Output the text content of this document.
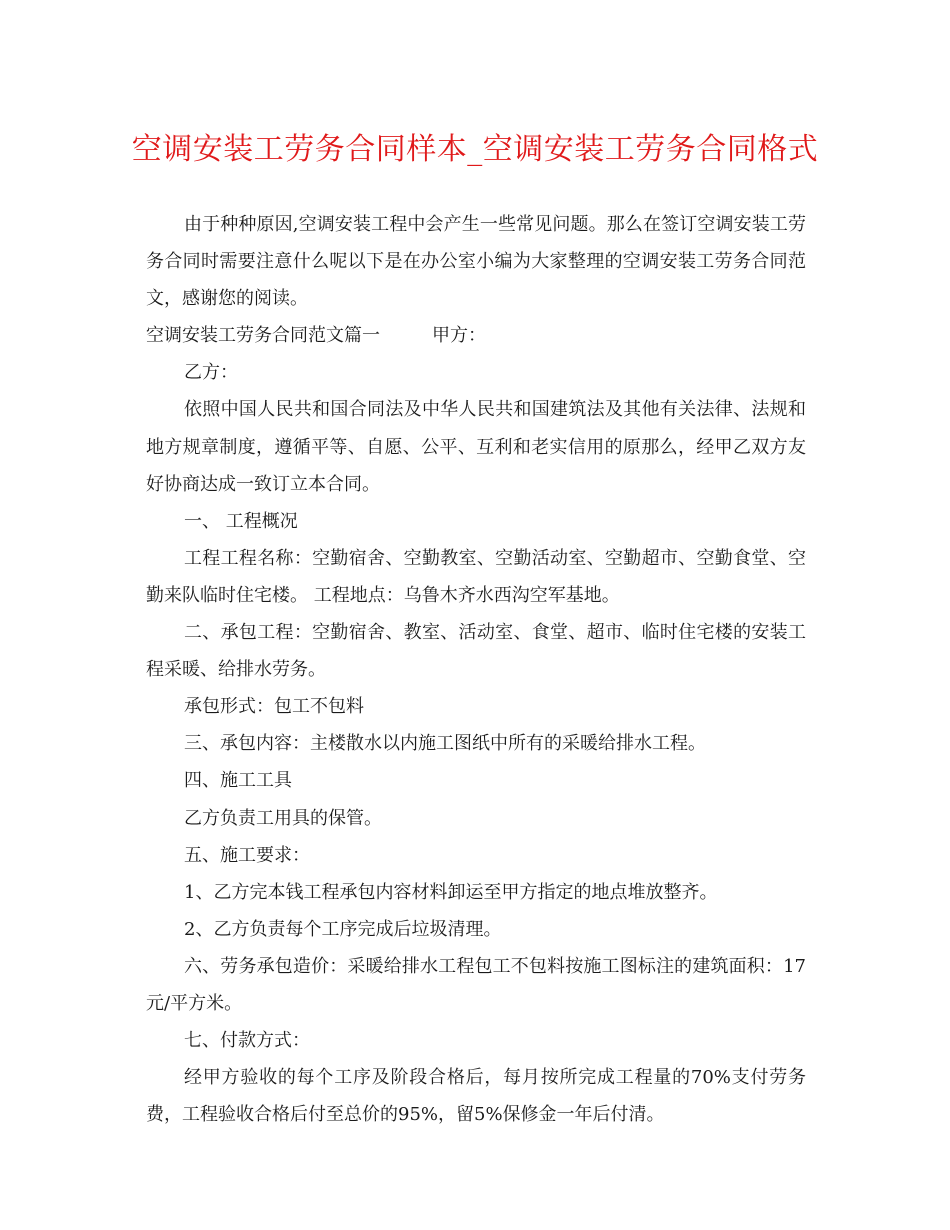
空调安装工劳务合同样本_空调安装工劳务合同格式

由于种种原因,空调安装工程中会产生一些常见问题。那么在签订空调安装工劳务合同时需要注意什么呢以下是在办公室小编为大家整理的空调安装工劳务合同范文，感谢您的阅读。

空调安装工劳务合同范文篇一	甲方：

乙方：

依照中国人民共和国合同法及中华人民共和国建筑法及其他有关法律、法规和地方规章制度，遵循平等、自愿、公平、互利和老实信用的原那么，经甲乙双方友好协商达成一致订立本合同。

一、 工程概况

工程工程名称：空勤宿舍、空勤教室、空勤活动室、空勤超市、空勤食堂、空勤来队临时住宅楼。 工程地点：乌鲁木齐水西沟空军基地。

二、承包工程：空勤宿舍、教室、活动室、食堂、超市、临时住宅楼的安装工程采暖、给排水劳务。

承包形式：包工不包料

三、承包内容：主楼散水以内施工图纸中所有的采暖给排水工程。

四、施工工具

乙方负责工用具的保管。

五、施工要求：

1、乙方完本钱工程承包内容材料卸运至甲方指定的地点堆放整齐。

2、乙方负责每个工序完成后垃圾清理。

六、劳务承包造价：采暖给排水工程包工不包料按施工图标注的建筑面积：17元/平方米。

七、付款方式：

经甲方验收的每个工序及阶段合格后，每月按所完成工程量的70%支付劳务费，工程验收合格后付至总价的95%，留5%保修金一年后付清。
